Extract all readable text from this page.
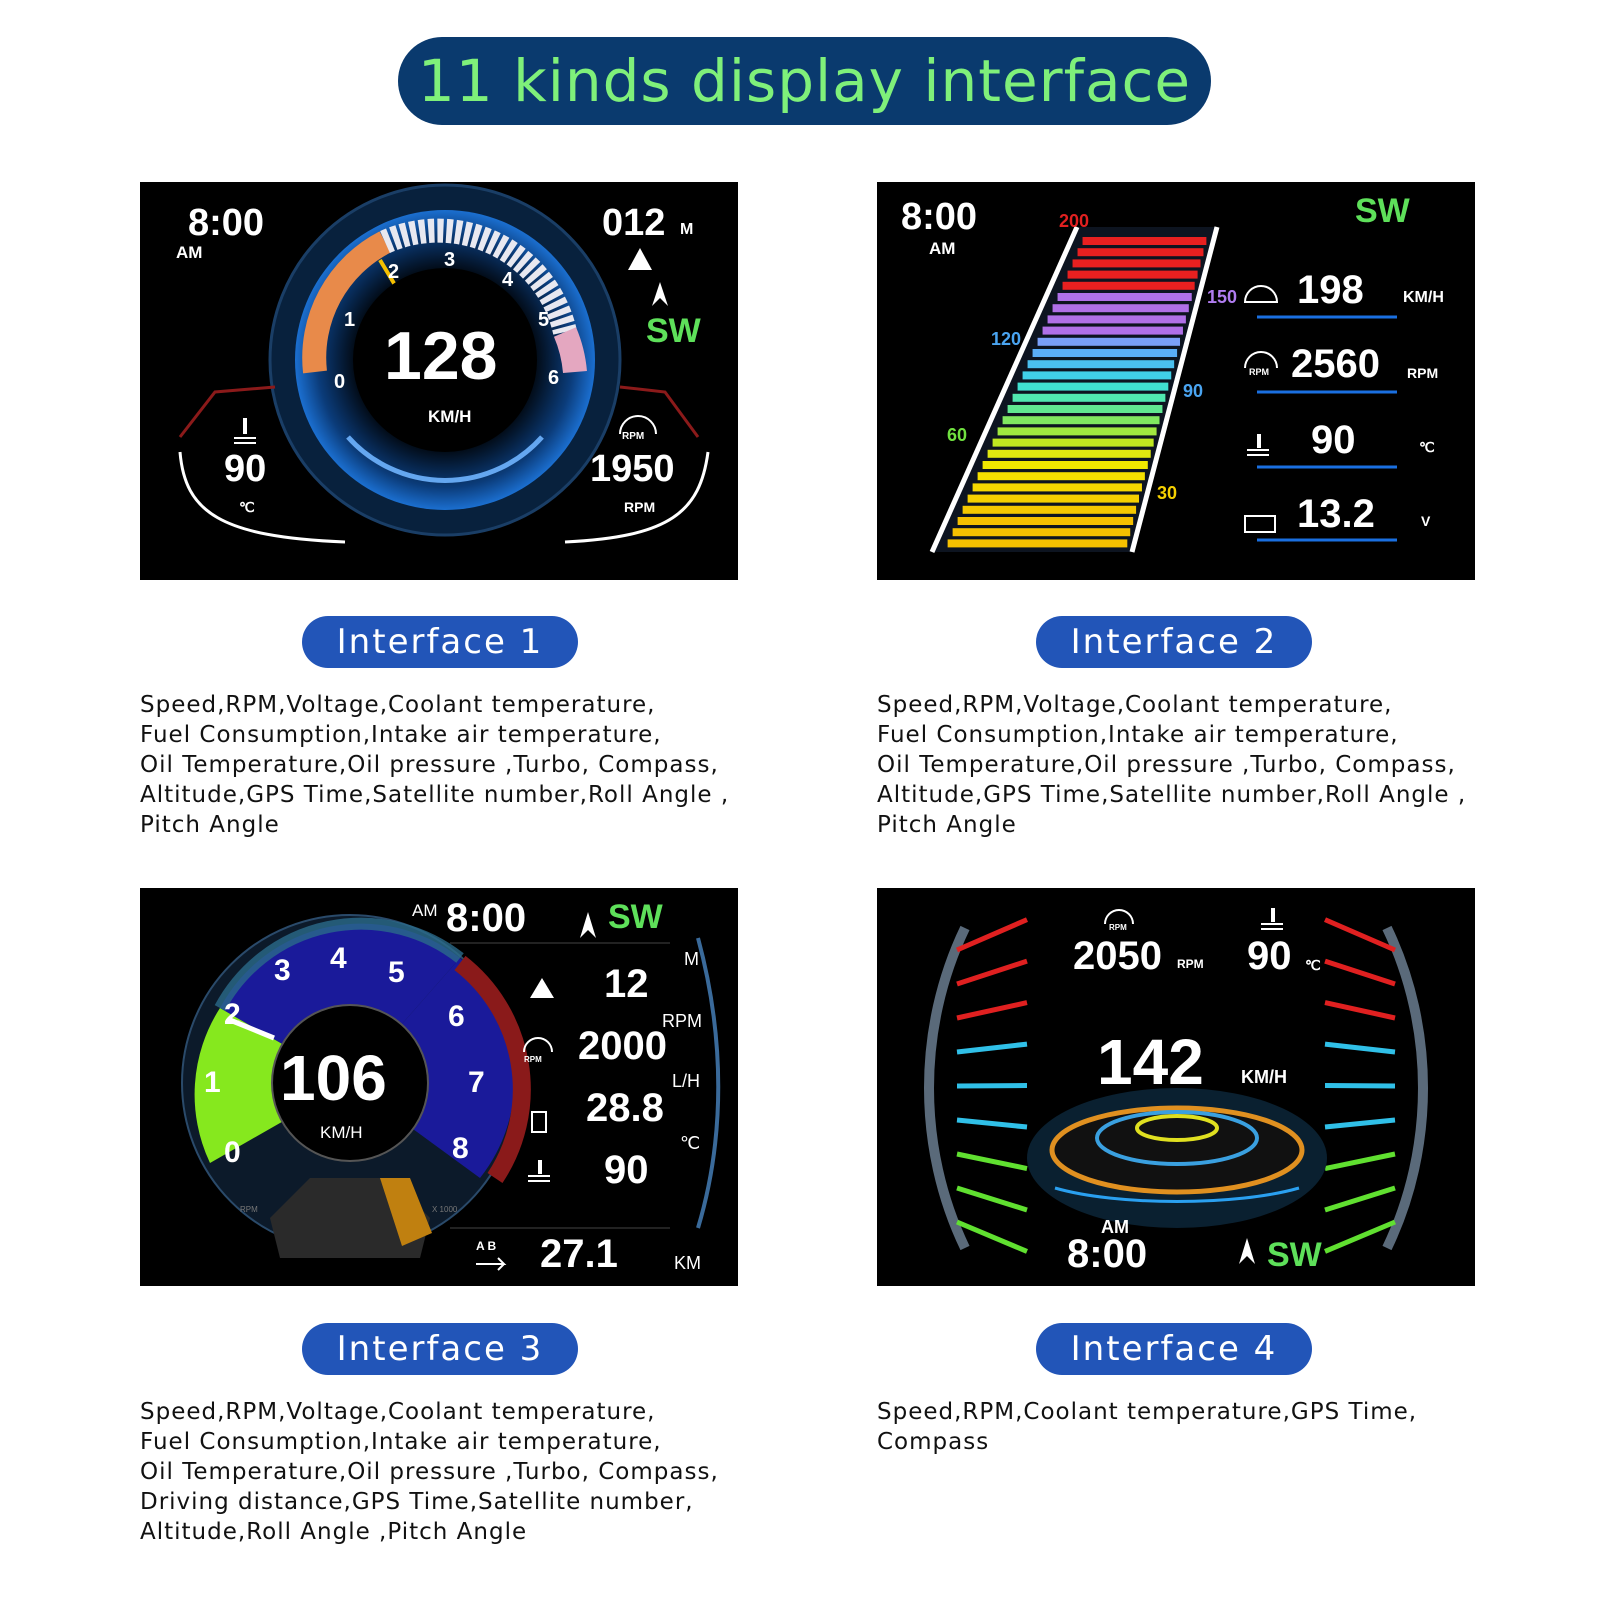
11 kinds display interface
8:00
AM
012 M
SW
128
KM/H
90
℃
RPM
1950
RPM
0
1
2
3
4
5
6
Interface 1
Speed,RPM,Voltage,Coolant temperature,
Fuel Consumption,Intake air temperature,
Oil Temperature,Oil pressure ,Turbo, Compass,
Altitude,GPS Time,Satellite number,Roll Angle ,
Pitch Angle
8:00
AM
SW
200
150
120
90
60
30
198 KM/H
RPM 2560 RPM
90	℃
13.2	V
Interface 2
Speed,RPM,Voltage,Coolant temperature,
Fuel Consumption,Intake air temperature,
Oil Temperature,Oil pressure ,Turbo, Compass,
Altitude,GPS Time,Satellite number,Roll Angle ,
Pitch Angle
AM 8:00 SW
106
KM/H
0
1
2
3 4 5
6
7
8
RPM	X 1000
12
M
RPM 2000
RPM
28.8
L/H
90
℃
A B 27.1	KM
Interface 3
Speed,RPM,Voltage,Coolant temperature,
Fuel Consumption,Intake air temperature,
Oil Temperature,Oil pressure ,Turbo, Compass,
Driving distance,GPS Time,Satellite number,
Altitude,Roll Angle ,Pitch Angle
RPM
2050 RPM 90 ℃
142 KM/H
AM
8:00	SW
Interface 4
Speed,RPM,Coolant temperature,GPS Time,
Compass
